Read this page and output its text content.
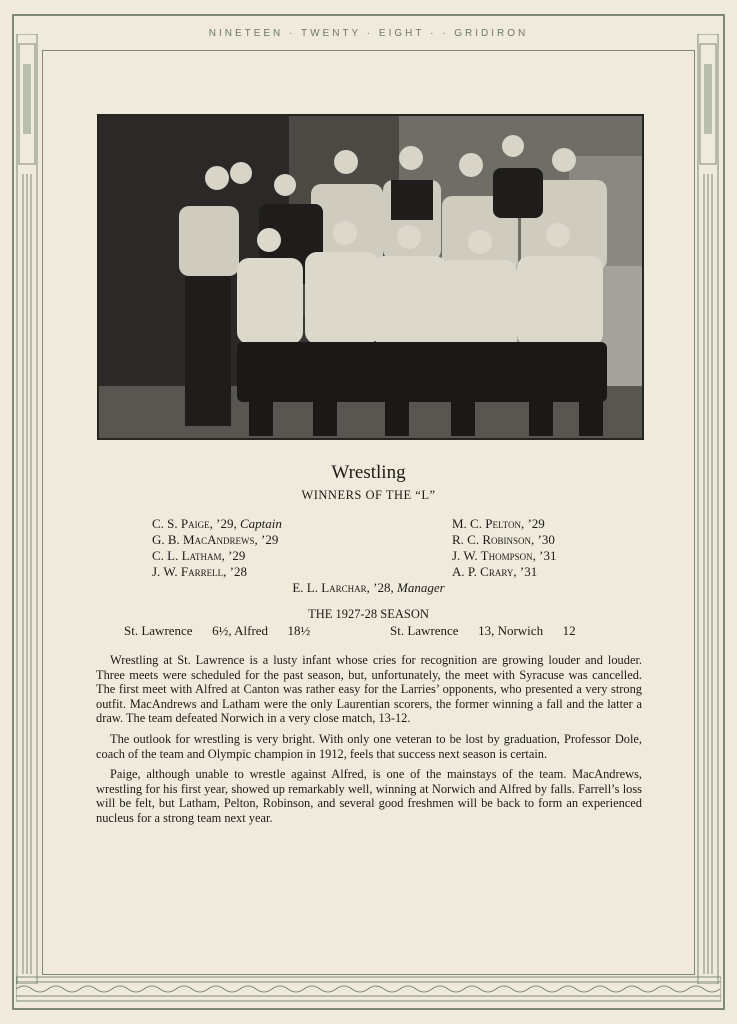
NINETEEN · TWENTY · EIGHT · · GRIDIRON
Wrestling
WINNERS OF THE “L”
C. S. Paige, ’29, Captain
G. B. MacAndrews, ’29
C. L. Latham, ’29
J. W. Farrell, ’28
M. C. Pelton, ’29
R. C. Robinson, ’30
J. W. Thompson, ’31
A. P. Crary, ’31
E. L. Larchar, ’28, Manager
THE 1927-28 SEASON
St. Lawrence      6½, Alfred      18½	St. Lawrence      13, Norwich      12

Wrestling at St. Lawrence is a lusty infant whose cries for recognition are growing louder and louder. Three meets were scheduled for the past season, but, unfortunately, the meet with Syracuse was cancelled. The first meet with Alfred at Canton was rather easy for the Larries’ opponents, who presented a very strong outfit. MacAndrews and Latham were the only Laurentian scorers, the former winning a fall and the latter a draw. The team defeated Norwich in a very close match, 13-12.

The outlook for wrestling is very bright. With only one veteran to be lost by graduation, Professor Dole, coach of the team and Olympic champion in 1912, feels that success next season is certain.

Paige, although unable to wrestle against Alfred, is one of the mainstays of the team. MacAndrews, wrestling for his first year, showed up remarkably well, winning at Norwich and Alfred by falls. Farrell’s loss will be felt, but Latham, Pelton, Robinson, and several good freshmen will be back to form an experienced nucleus for a strong team next year.
